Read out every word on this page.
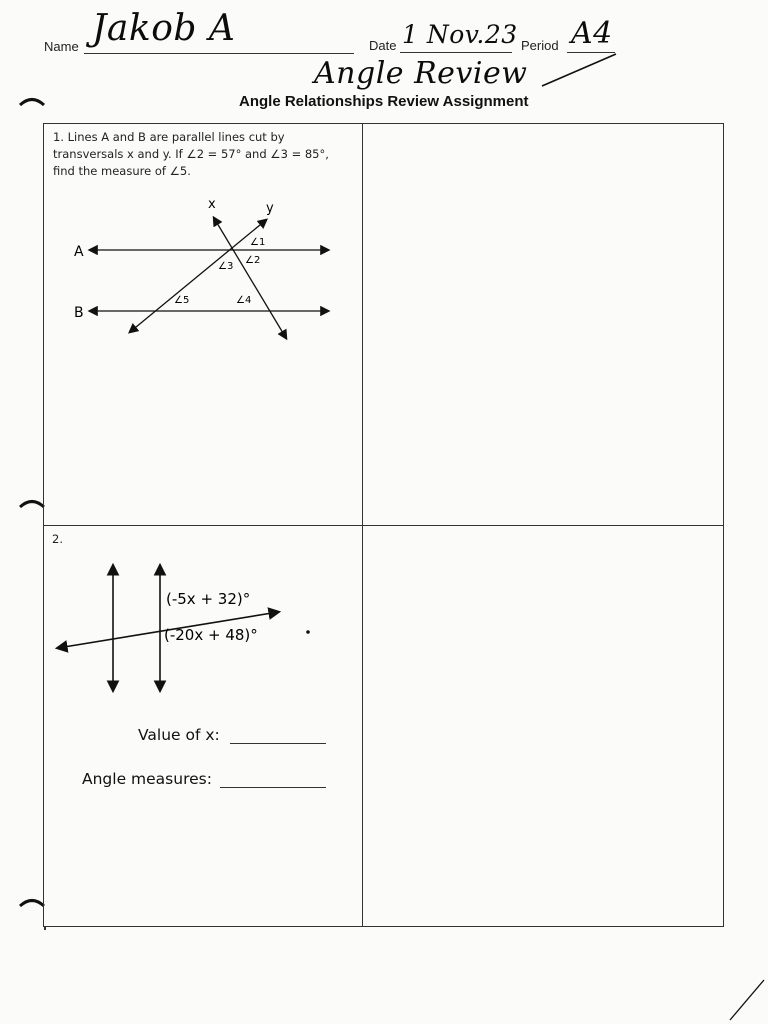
Name Jakob A	Date 1 Nov.23 Period A4
Angle Review
Angle Relationships Review Assignment
1. Lines A and B are parallel lines cut by
transversals x and y. If ∠2 = 57° and ∠3 = 85°,
find the measure of ∠5.
x	y
A
B
∠1
∠2
∠3
∠4
∠5
2.
(-5x + 32)°
(-20x + 48)°
Value of x:
Angle measures:
